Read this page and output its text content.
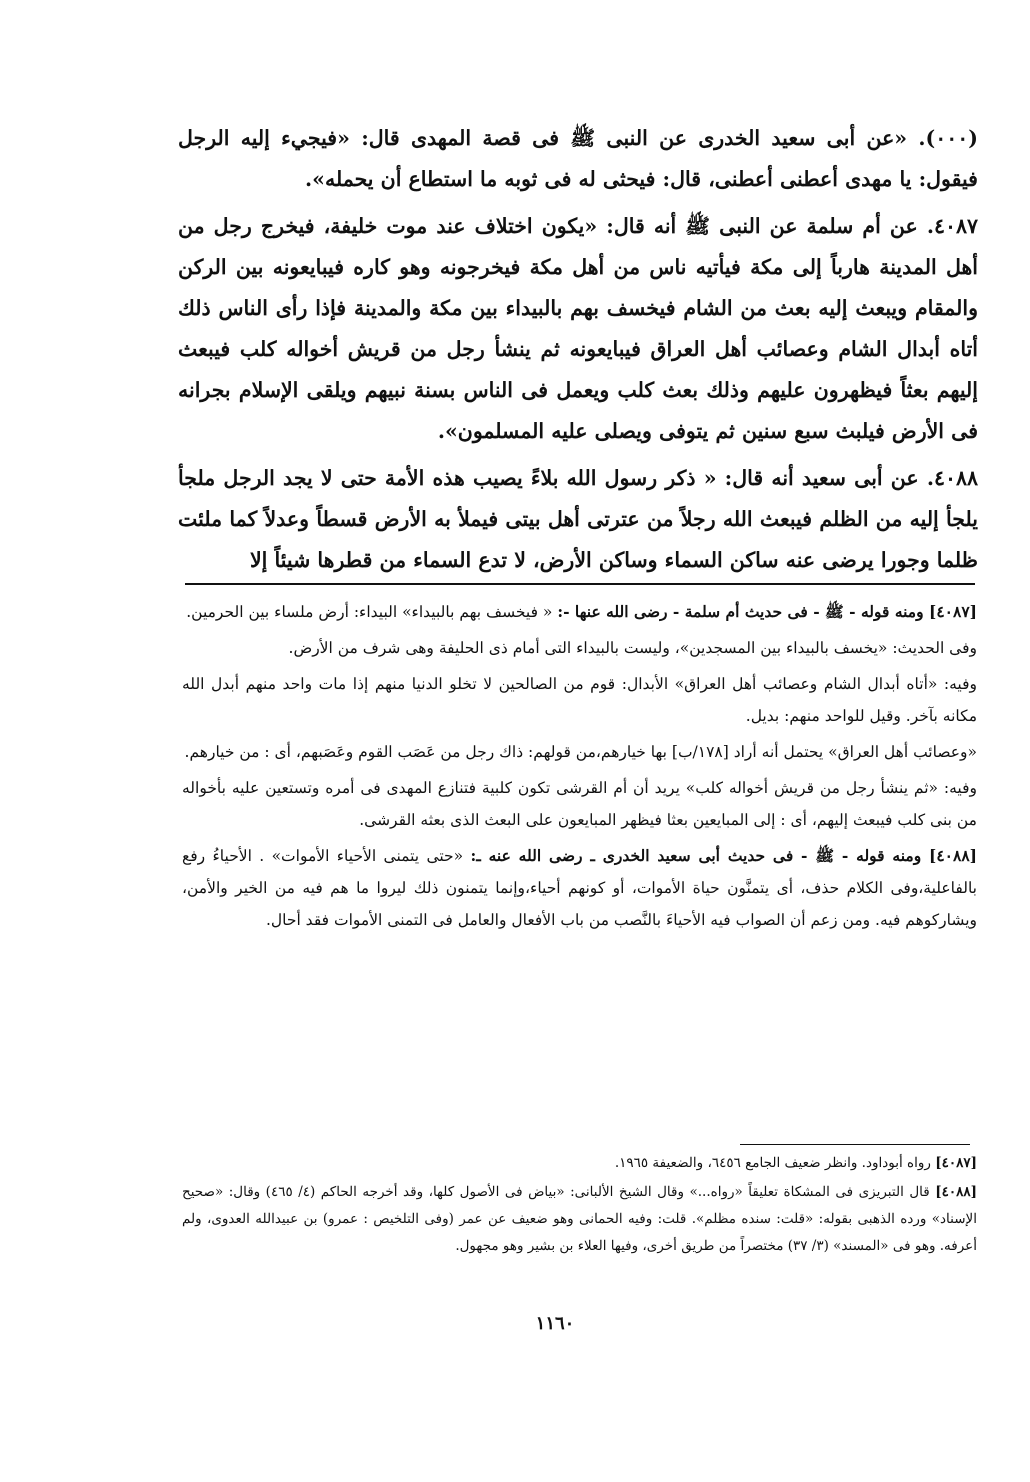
(٠٠٠). «عن أبى سعيد الخدرى عن النبى ﷺ فى قصة المهدى قال: «فيجيء إليه الرجل فيقول: يا مهدى أعطنى أعطنى، قال: فيحثى له فى ثوبه ما استطاع أن يحمله».

٤٠٨٧. عن أم سلمة عن النبى ﷺ أنه قال: «يكون اختلاف عند موت خليفة، فيخرج رجل من أهل المدينة هارباً إلى مكة فيأتيه ناس من أهل مكة فيخرجونه وهو كاره فيبايعونه بين الركن والمقام ويبعث إليه بعث من الشام فيخسف بهم بالبيداء بين مكة والمدينة فإذا رأى الناس ذلك أتاه أبدال الشام وعصائب أهل العراق فيبايعونه ثم ينشأ رجل من قريش أخواله كلب فيبعث إليهم بعثاً فيظهرون عليهم وذلك بعث كلب ويعمل فى الناس بسنة نبيهم ويلقى الإسلام بجرانه فى الأرض فيلبث سبع سنين ثم يتوفى ويصلى عليه المسلمون».

٤٠٨٨. عن أبى سعيد أنه قال: « ذكر رسول الله بلاءً يصيب هذه الأمة حتى لا يجد الرجل ملجأ يلجأ إليه من الظلم فيبعث الله رجلاً من عترتى أهل بيتى فيملأ به الأرض قسطاً وعدلاً كما ملئت ظلما وجورا يرضى عنه ساكن السماء وساكن الأرض، لا تدع السماء من قطرها شيئاً إلا

[٤٠٨٧] ومنه قوله - ﷺ - فى حديث أم سلمة - رضى الله عنها -: « فيخسف بهم بالبيداء» البيداء: أرض ملساء بين الحرمين.

وفى الحديث: «يخسف بالبيداء بين المسجدين»، وليست بالبيداء التى أمام ذى الحليفة وهى شرف من الأرض.

وفيه: «أتاه أبدال الشام وعصائب أهل العراق» الأبدال: قوم من الصالحين لا تخلو الدنيا منهم إذا مات واحد منهم أبدل الله مكانه بآخر. وقيل للواحد منهم: بديل.

«وعصائب أهل العراق» يحتمل أنه أراد [١٧٨/ب] بها خيارهم،من قولهم: ذاك رجل من عَصَب القوم وعَصَبهم، أى : من خيارهم.

وفيه: «ثم ينشأ رجل من قريش أخواله كلب» يريد أن أم القرشى تكون كلبية فتنازع المهدى فى أمره وتستعين عليه بأخواله من بنى كلب فيبعث إليهم، أى : إلى المبايعين بعثا فيظهر المبايعون على البعث الذى بعثه القرشى.

[٤٠٨٨] ومنه قوله - ﷺ - فى حديث أبى سعيد الخدرى ـ رضى الله عنه ـ: «حتى يتمنى الأحياء الأموات» . الأحياءُ رفع بالفاعلية،وفى الكلام حذف، أى يتمنَّون حياة الأموات، أو كونهم أحياء،وإنما يتمنون ذلك ليروا ما هم فيه من الخير والأمن، ويشاركوهم فيه. ومن زعم أن الصواب فيه الأحياءَ بالنَّصب من باب الأفعال والعامل فى التمنى الأموات فقد أحال.

[٤٠٨٧] رواه أبوداود. وانظر ضعيف الجامع ٦٤٥٦، والضعيفة ١٩٦٥.

[٤٠٨٨] قال التبريزى فى المشكاة تعليقاً «رواه...» وقال الشيخ الألبانى: «بياض فى الأصول كلها، وقد أخرجه الحاكم (٤/ ٤٦٥) وقال: «صحيح الإسناد» ورده الذهبى بقوله: «قلت: سنده مظلم». قلت: وفيه الحمانى وهو ضعيف عن عمر (وفى التلخيص : عمرو) بن عبيدالله العدوى، ولم أعرفه. وهو فى «المسند» (٣/ ٣٧) مختصراً من طريق أخرى، وفيها العلاء بن بشير وهو مجهول.

١١٦٠
